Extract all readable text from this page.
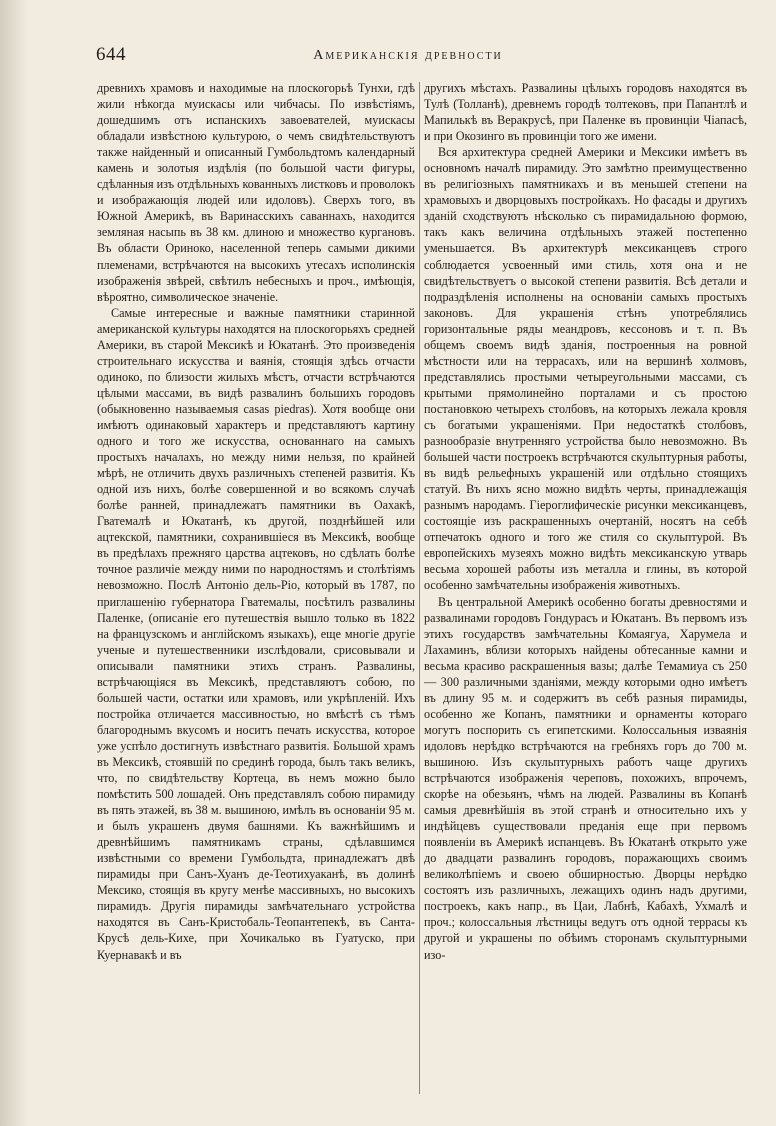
644	Американскія древности

древнихъ храмовъ и находимые на плоскогорьѣ Тунхи, гдѣ жили нѣкогда муискасы или чибчасы. По извѣстіямъ, дошедшимъ отъ испанскихъ завоевателей, муискасы обладали извѣстною культурою, о чемъ свидѣтельствуютъ также найденный и описанный Гумбольдтомъ календарный камень и золотыя издѣлія (по большой части фигуры, сдѣланныя изъ отдѣльныхъ кованныхъ листковъ и проволокъ и изображающія людей или идоловъ). Сверхъ того, въ Южной Америкѣ, въ Варинасскихъ саваннахъ, находится земляная насыпь въ 38 км. длиною и множество кургановъ. Въ области Ориноко, населенной теперь самыми дикими племенами, встрѣчаются на высокихъ утесахъ исполинскія изображенія звѣрей, свѣтилъ небесныхъ и проч., имѣющія, вѣроятно, символическое значеніе.

Самые интересные и важные памятники старинной американской культуры находятся на плоскогорьяхъ средней Америки, въ старой Мексикѣ и Юкатанѣ. Это произведенія строительнаго искусства и ваянія, стоящія здѣсь отчасти одиноко, по близости жилыхъ мѣстъ, отчасти встрѣчаются цѣлыми массами, въ видѣ развалинъ большихъ городовъ (обыкновенно называемыя casas piedras). Хотя вообще они имѣютъ одинаковый характеръ и представляютъ картину одного и того же искусства, основаннаго на самыхъ простыхъ началахъ, но между ними нельзя, по крайней мѣрѣ, не отличить двухъ различныхъ степеней развитія. Къ одной изъ нихъ, болѣе совершенной и во всякомъ случаѣ болѣе ранней, принадлежатъ памятники въ Оахакѣ, Гватемалѣ и Юкатанѣ, къ другой, позднѣйшей или ацтекской, памятники, сохранившіеся въ Мексикѣ, вообще въ предѣлахъ прежняго царства ацтековъ, но сдѣлать болѣе точное различіе между ними по народностямъ и столѣтіямъ невозможно. Послѣ Антоніо дель-Ріо, который въ 1787, по приглашенію губернатора Гватемалы, посѣтилъ развалины Паленке, (описаніе его путешествія вышло только въ 1822 на французскомъ и англійскомъ языкахъ), еще многіе другіе ученые и путешественники изслѣдовали, срисовывали и описывали памятники этихъ странъ. Развалины, встрѣчающіяся въ Мексикѣ, представляютъ собою, по большей части, остатки или храмовъ, или укрѣпленій. Ихъ постройка отличается массивностью, но вмѣстѣ съ тѣмъ благороднымъ вкусомъ и носитъ печать искусства, которое уже успѣло достигнуть извѣстнаго развитія. Большой храмъ въ Мексикѣ, стоявшій по срединѣ города, былъ такъ великъ, что, по свидѣтельству Кортеца, въ немъ можно было помѣстить 500 лошадей. Онъ представлялъ собою пирамиду въ пять этажей, въ 38 м. вышиною, имѣлъ въ основаніи 95 м. и былъ украшенъ двумя башнями. Къ важнѣйшимъ и древнѣйшимъ памятникамъ страны, сдѣлавшимся извѣстными со времени Гумбольдта, принадлежатъ двѣ пирамиды при Санъ-Хуанъ де-Теотихуаканѣ, въ долинѣ Мексико, стоящія въ кругу менѣе массивныхъ, но высокихъ пирамидъ. Другія пирамиды замѣчательнаго устройства находятся въ Санъ-Кристобаль-Теопантепекѣ, въ Санта-Крусѣ дель-Кихе, при Хочикалько въ Гуатуско, при Куернавакѣ и въ

другихъ мѣстахъ. Развалины цѣлыхъ городовъ находятся въ Тулѣ (Толланѣ), древнемъ городѣ толтековъ, при Папантлѣ и Мапилькѣ въ Веракрусѣ, при Паленке въ провинціи Чіапасѣ, и при Окозинго въ провинціи того же имени.

Вся архитектура средней Америки и Мексики имѣетъ въ основномъ началѣ пирамиду. Это замѣтно преимущественно въ религіозныхъ памятникахъ и въ меньшей степени на храмовыхъ и дворцовыхъ постройкахъ. Но фасады и другихъ зданій сходствуютъ нѣсколько съ пирамидальною формою, такъ какъ величина отдѣльныхъ этажей постепенно уменьшается. Въ архитектурѣ мексиканцевъ строго соблюдается усвоенный ими стиль, хотя она и не свидѣтельствуетъ о высокой степени развитія. Всѣ детали и подраздѣленія исполнены на основаніи самыхъ простыхъ законовъ. Для украшенія стѣнъ употреблялись горизонтальные ряды меандровъ, кессоновъ и т. п. Въ общемъ своемъ видѣ зданія, построенныя на ровной мѣстности или на террасахъ, или на вершинѣ холмовъ, представлялись простыми четыреугольными массами, съ крытыми прямолинейно порталами и съ простою постановкою четырехъ столбовъ, на которыхъ лежала кровля съ богатыми украшеніями. При недостаткѣ столбовъ, разнообразіе внутренняго устройства было невозможно. Въ большей части построекъ встрѣчаются скульптурныя работы, въ видѣ рельефныхъ украшеній или отдѣльно стоящихъ статуй. Въ нихъ ясно можно видѣть черты, принадлежащія разнымъ народамъ. Гіероглифическіе рисунки мексиканцевъ, состоящіе изъ раскрашенныхъ очертаній, носятъ на себѣ отпечатокъ одного и того же стиля со скульптурой. Въ европейскихъ музеяхъ можно видѣть мексиканскую утварь весьма хорошей работы изъ металла и глины, въ которой особенно замѣчательны изображенія животныхъ.

Въ центральной Америкѣ особенно богаты древностями и развалинами городовъ Гондурасъ и Юкатанъ. Въ первомъ изъ этихъ государствъ замѣчательны Комаягуа, Харумела и Лахаминъ, вблизи которыхъ найдены обтесанные камни и весьма красиво раскрашенныя вазы; далѣе Темамиуа съ 250 — 300 различными зданіями, между которыми одно имѣетъ въ длину 95 м. и содержитъ въ себѣ разныя пирамиды, особенно же Копанъ, памятники и орнаменты котораго могутъ поспорить съ египетскими. Колоссальныя изваянія идоловъ нерѣдко встрѣчаются на гребняхъ горъ до 700 м. вышиною. Изъ скульптурныхъ работъ чаще другихъ встрѣчаются изображенія череповъ, похожихъ, впрочемъ, скорѣе на обезьянъ, чѣмъ на людей. Развалины въ Копанѣ самыя древнѣйшія въ этой странѣ и относительно ихъ у индѣйцевъ существовали преданія еще при первомъ появленіи въ Америкѣ испанцевъ. Въ Юкатанѣ открыто уже до двадцати развалинъ городовъ, поражающихъ своимъ великолѣпіемъ и своею обширностью. Дворцы нерѣдко состоятъ изъ различныхъ, лежащихъ одинъ надъ другими, построекъ, какъ напр., въ Цаи, Лабнѣ, Кабахѣ, Ухмалѣ и проч.; колоссальныя лѣстницы ведутъ отъ одной террасы къ другой и украшены по обѣимъ сторонамъ скульптурными изо-
